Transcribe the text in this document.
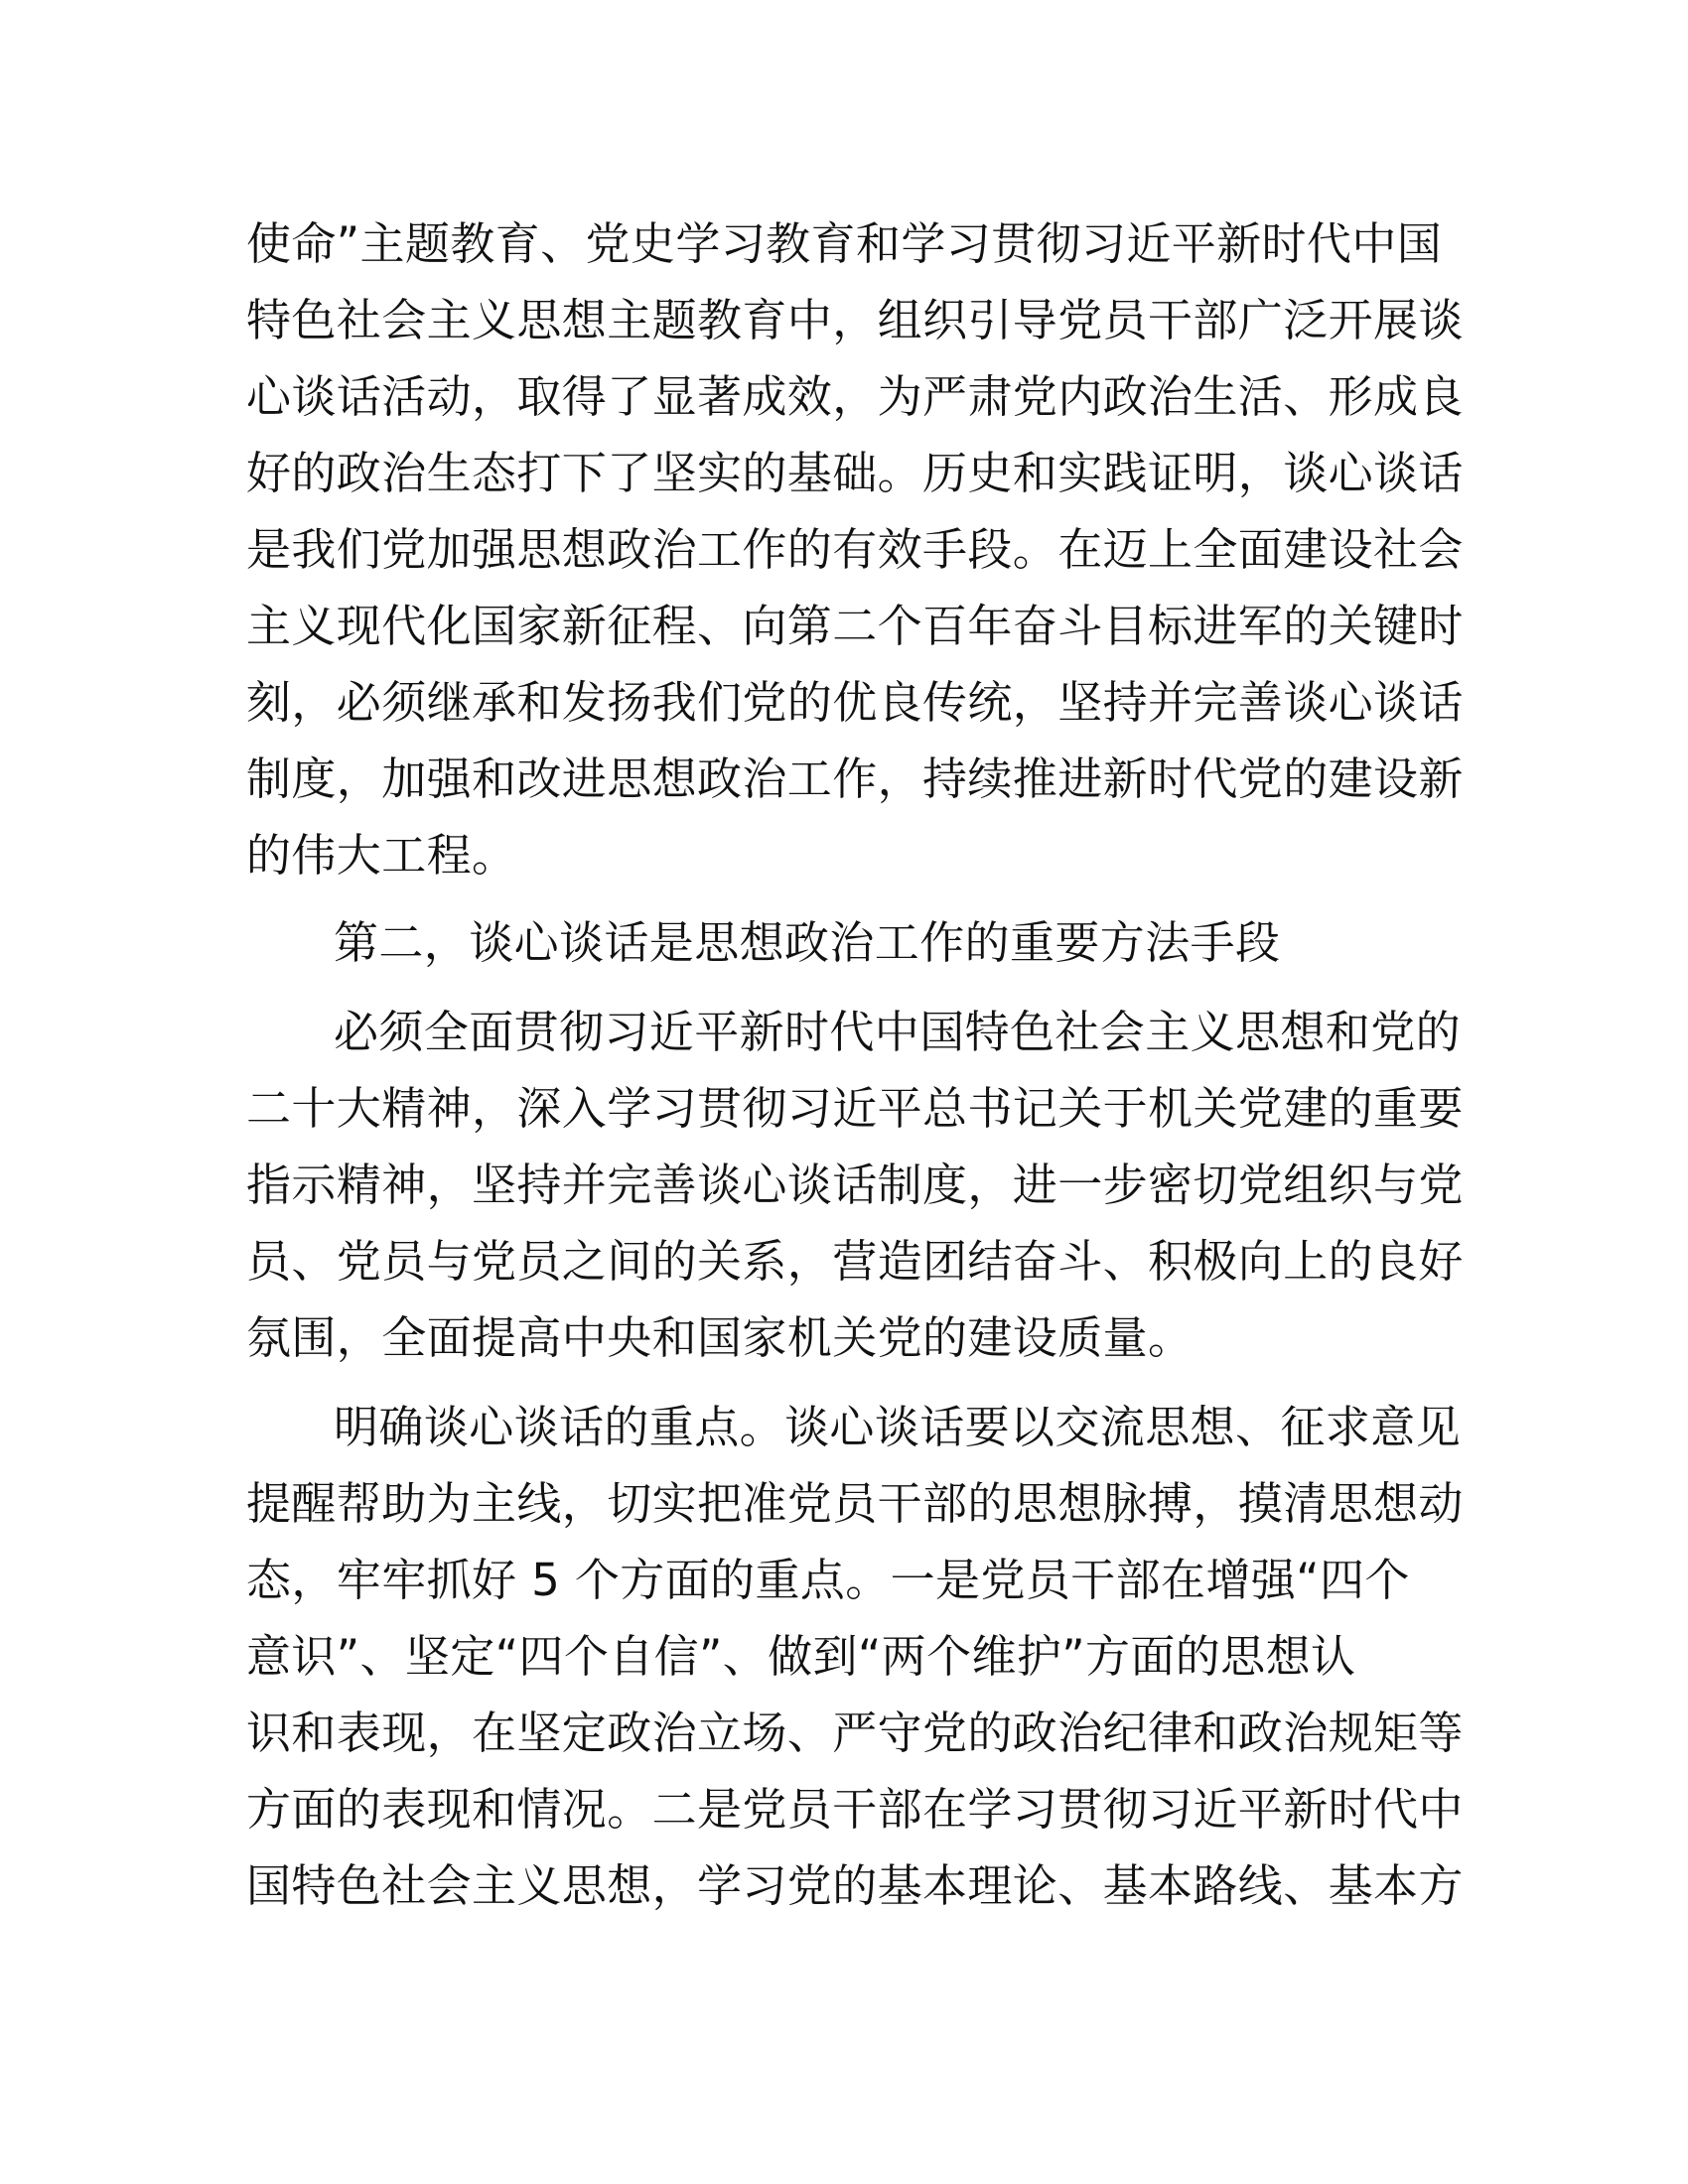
使命”主题教育、党史学习教育和学习贯彻习近平新时代中国
特色社会主义思想主题教育中，组织引导党员干部广泛开展谈
心谈话活动，取得了显著成效，为严肃党内政治生活、形成良
好的政治生态打下了坚实的基础。历史和实践证明，谈心谈话
是我们党加强思想政治工作的有效手段。在迈上全面建设社会
主义现代化国家新征程、向第二个百年奋斗目标进军的关键时
刻，必须继承和发扬我们党的优良传统，坚持并完善谈心谈话
制度，加强和改进思想政治工作，持续推进新时代党的建设新
的伟大工程。
第二，谈心谈话是思想政治工作的重要方法手段
必须全面贯彻习近平新时代中国特色社会主义思想和党的
二十大精神，深入学习贯彻习近平总书记关于机关党建的重要
指示精神，坚持并完善谈心谈话制度，进一步密切党组织与党
员、党员与党员之间的关系，营造团结奋斗、积极向上的良好
氛围，全面提高中央和国家机关党的建设质量。
明确谈心谈话的重点。谈心谈话要以交流思想、征求意见
提醒帮助为主线，切实把准党员干部的思想脉搏，摸清思想动
态，牢牢抓好 5 个方面的重点。一是党员干部在增强“四个
意识”、坚定“四个自信”、做到“两个维护”方面的思想认
识和表现，在坚定政治立场、严守党的政治纪律和政治规矩等
方面的表现和情况。二是党员干部在学习贯彻习近平新时代中
国特色社会主义思想，学习党的基本理论、基本路线、基本方
